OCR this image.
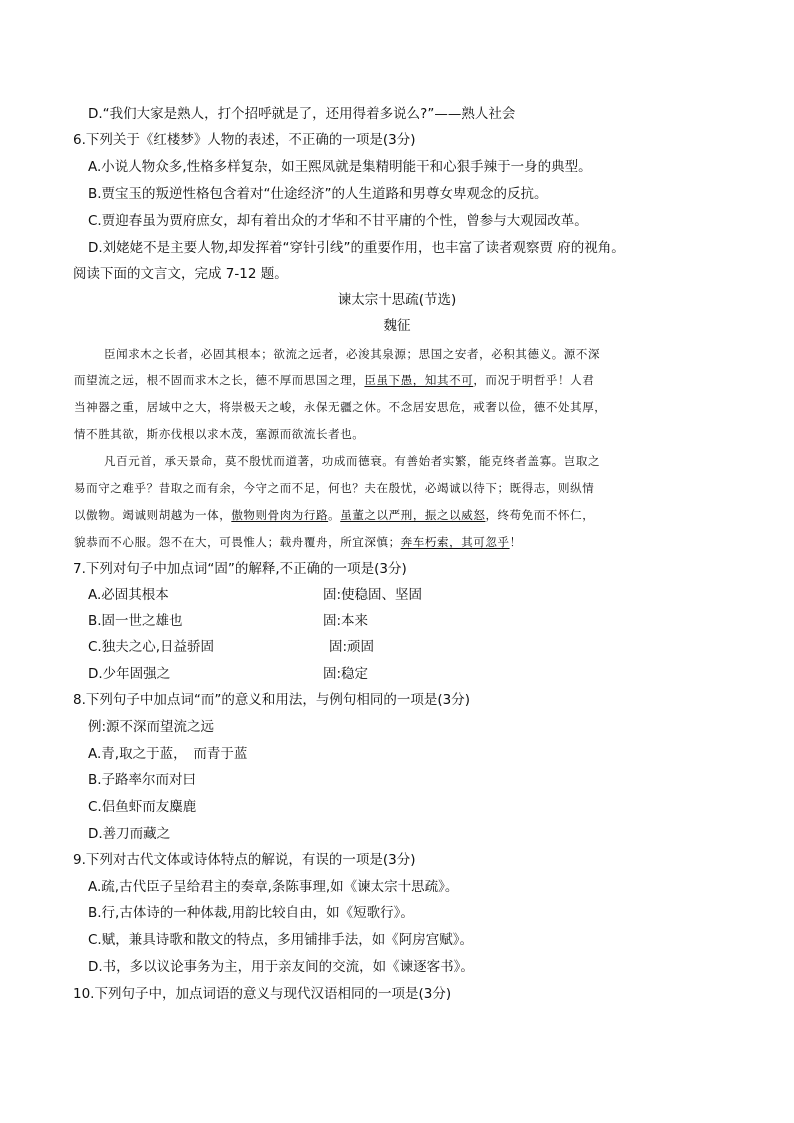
D.“我们大家是熟人，打个招呼就是了，还用得着多说么?”——熟人社会
6.下列关于《红楼梦》人物的表述，不正确的一项是(3分)
A.小说人物众多,性格多样复杂，如王熙凤就是集精明能干和心狠手辣于一身的典型。
B.贾宝玉的叛逆性格包含着对“仕途经济”的人生道路和男尊女卑观念的反抗。
C.贾迎春虽为贾府庶女，却有着出众的才华和不甘平庸的个性，曾参与大观园改革。
D.刘姥姥不是主要人物,却发挥着“穿针引线”的重要作用，也丰富了读者观察贾 府的视角。
阅读下面的文言文，完成 7-12 题。
谏太宗十思疏(节选)
魏征
臣闻求木之长者，必固其根本；欲流之远者，必浚其泉源；思国之安者，必积其德义。源不深
而望流之远，根不固而求木之长，德不厚而思国之理，臣虽下愚，知其不可，而况于明哲乎！人君
当神器之重，居域中之大，将崇极天之峻，永保无疆之休。不念居安思危，戒奢以俭，德不处其厚，
情不胜其欲，斯亦伐根以求木茂，塞源而欲流长者也。
凡百元首，承天景命，莫不殷忧而道著，功成而德衰。有善始者实繁，能克终者盖寡。岂取之
易而守之难乎？昔取之而有余，今守之而不足，何也？夫在殷忧，必竭诚以待下；既得志，则纵情
以傲物。竭诚则胡越为一体，傲物则骨肉为行路。虽董之以严刑，振之以威怒，终苟免而不怀仁，
貌恭而不心服。怨不在大，可畏惟人；载舟覆舟，所宜深慎；奔车朽索，其可忽乎！
7.下列对句子中加点词“固”的解释,不正确的一项是(3分)
A.必固其根本	固:使稳固、坚固
B.固一世之雄也	固:本来
C.独夫之心,日益骄固	固:顽固
D.少年固强之	固:稳定
8.下列句子中加点词“而”的意义和用法，与例句相同的一项是(3分)
例:源不深而望流之远
A.青,取之于蓝，　而青于蓝
B.子路率尔而对曰
C.侣鱼虾而友麋鹿
D.善刀而藏之
9.下列对古代文体或诗体特点的解说，有误的一项是(3分)
A.疏,古代臣子呈给君主的奏章,条陈事理,如《谏太宗十思疏》。
B.行,古体诗的一种体裁,用韵比较自由，如《短歌行》。
C.赋，兼具诗歌和散文的特点，多用铺排手法，如《阿房宫赋》。
D.书，多以议论事务为主，用于亲友间的交流，如《谏逐客书》。
10.下列句子中，加点词语的意义与现代汉语相同的一项是(3分)
